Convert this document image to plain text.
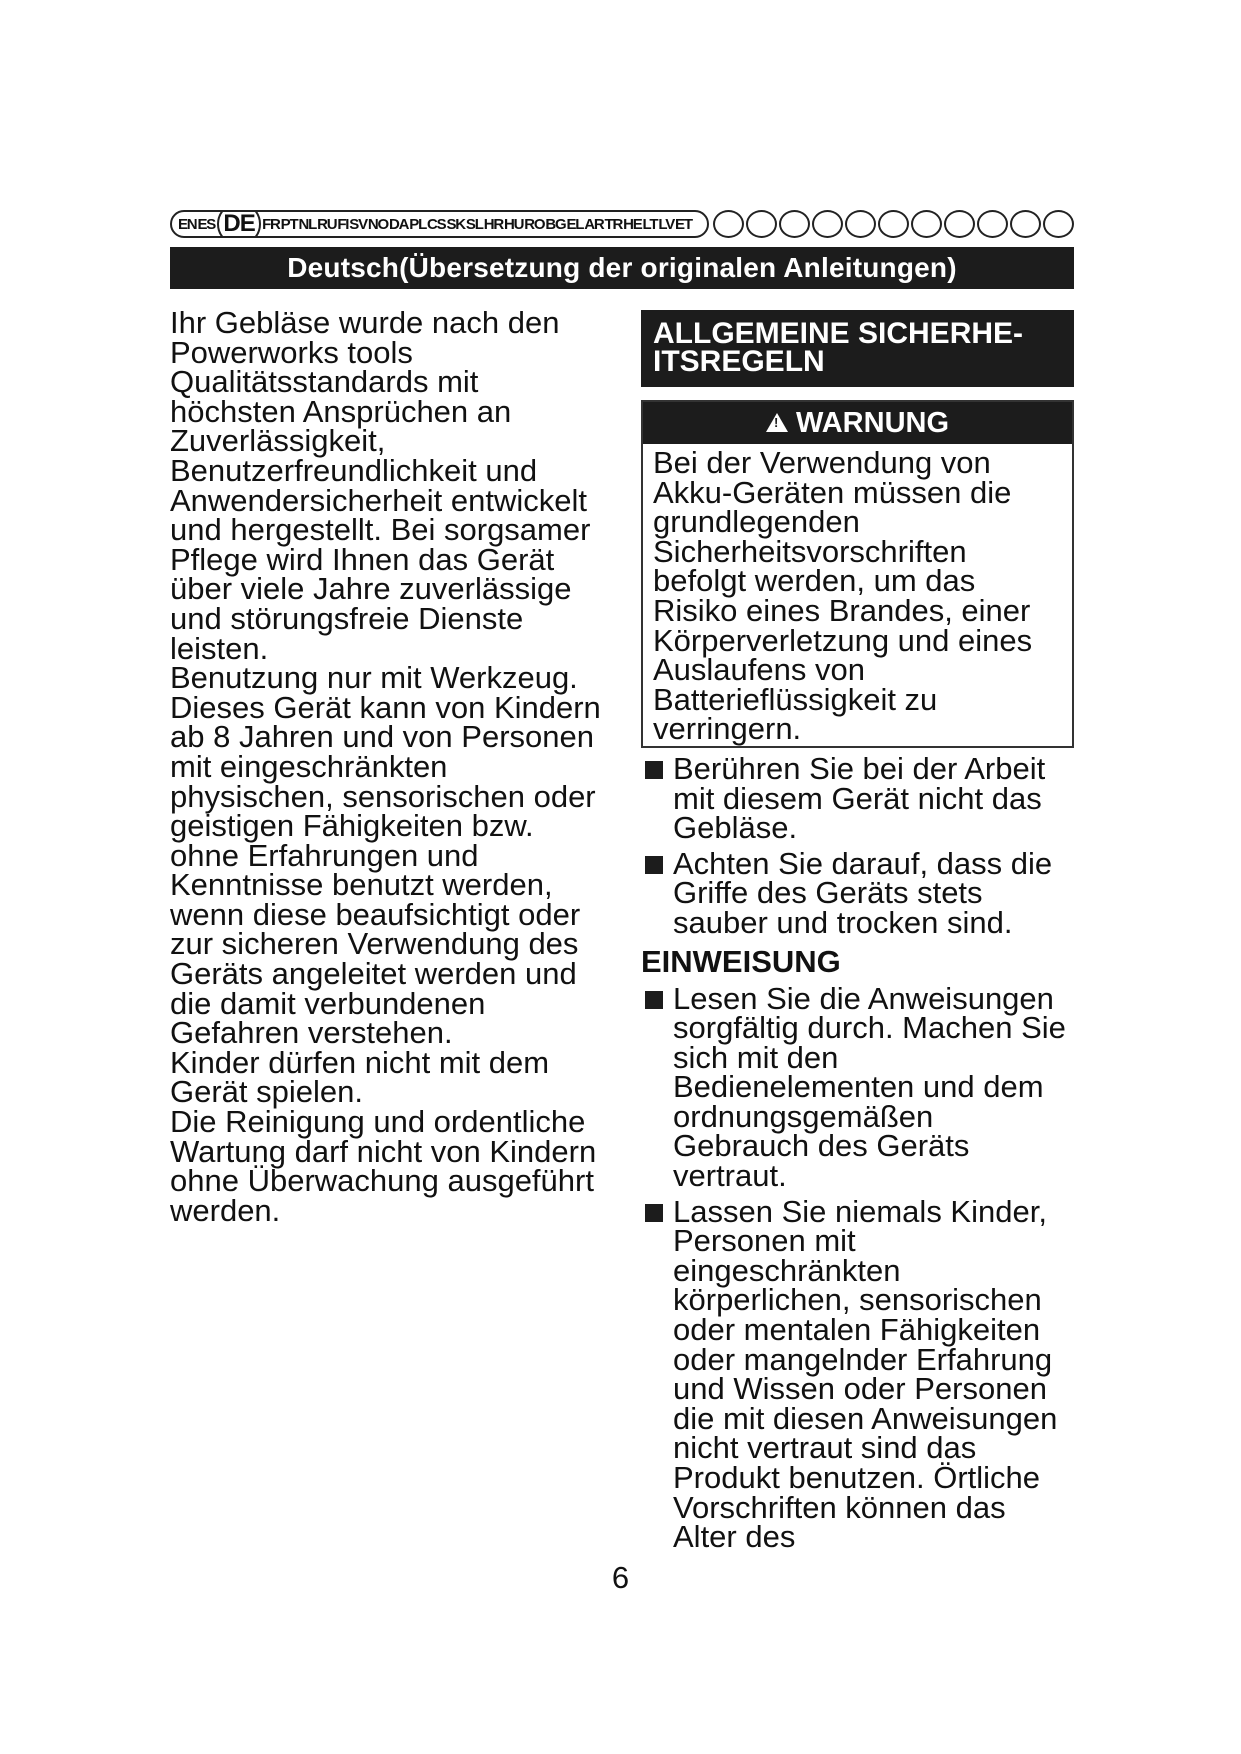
EN ES DE FR PT NL RU FI SV NO DA PL CS SK SL HR HU RO BG EL AR TR HE LT LV ET
Deutsch(Übersetzung der originalen Anleitungen)

Ihr Gebläse wurde nach den Powerworks tools Qualitätsstandards mit höchsten Ansprüchen an Zuverlässigkeit, Benutzerfreundlichkeit und Anwendersicherheit entwickelt und hergestellt. Bei sorgsamer Pflege wird Ihnen das Gerät über viele Jahre zuverlässige und störungsfreie Dienste leisten.

Benutzung nur mit Werkzeug.

Dieses Gerät kann von Kindern ab 8 Jahren und von Personen mit eingeschränkten physischen, sensorischen oder geistigen Fähigkeiten bzw. ohne Erfahrungen und Kenntnisse benutzt werden, wenn diese beaufsichtigt oder zur sicheren Verwendung des Geräts angeleitet werden und die damit verbundenen Gefahren verstehen.

Kinder dürfen nicht mit dem Gerät spielen.

Die Reinigung und ordentliche Wartung darf nicht von Kindern ohne Überwachung ausgeführt werden.

ALLGEMEINE SICHERHE-ITSREGELN
!
WARNUNG

Bei der Verwendung von Akku-Geräten müssen die grundlegenden Sicherheitsvorschriften befolgt werden, um das Risiko eines Brandes, einer Körperverletzung und eines Auslaufens von Batterieflüssigkeit zu verringern.

Berühren Sie bei der Arbeit mit diesem Gerät nicht das Gebläse.
Achten Sie darauf, dass die Griffe des Geräts stets sauber und trocken sind.
EINWEISUNG
Lesen Sie die Anweisungen sorgfältig durch. Machen Sie sich mit den Bedienelementen und dem ordnungsgemäßen Gebrauch des Geräts vertraut.
Lassen Sie niemals Kinder, Personen mit eingeschränkten körperlichen, sensorischen oder mentalen Fähigkeiten oder mangelnder Erfahrung und Wissen oder Personen die mit diesen Anweisungen nicht vertraut sind das Produkt benutzen. Örtliche Vorschriften können das Alter des
6
